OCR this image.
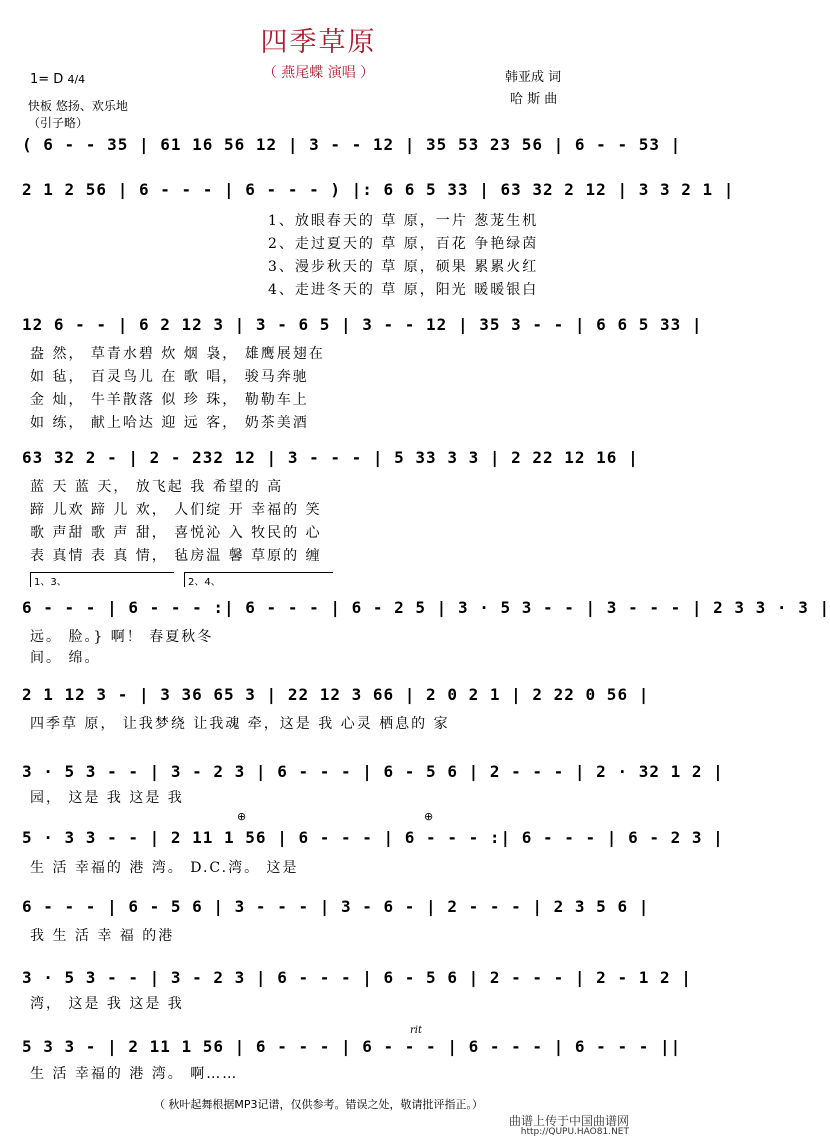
四季草原
（ 燕尾蝶 演唱 ）
1= D 4/4
快板 悠扬、欢乐地
（引子略）
韩亚成 词
哈 斯 曲
( 6 - - 35 | 61 16 56 12 | 3 - - 12 | 35 53 23 56 | 6 - - 53 |
2 1 2 56 | 6 - - - | 6 - - - ) |: 6 6 5 33 | 63 32 2 12 | 3 3 2 1 |
1、放眼春天的 草 原，一片 葱茏生机
2、走过夏天的 草 原，百花 争艳绿茵
3、漫步秋天的 草 原，硕果 累累火红
4、走进冬天的 草 原，阳光 暖暖银白
12 6 - - | 6 2 12 3 | 3 - 6 5 | 3 - - 12 | 35 3 - - | 6 6 5 33 |
盎 然， 草青水碧 炊 烟 袅， 雄鹰展翅在
如 毡， 百灵鸟儿 在 歌 唱， 骏马奔驰
金 灿， 牛羊散落 似 珍 珠， 勒勒车上
如 练， 献上哈达 迎 远 客， 奶茶美酒
63 32 2 - | 2 - 232 12 | 3 - - - | 5 33 3 3 | 2 22 12 16 |
蓝 天 蓝 天， 放飞起 我 希望的 高
蹄 儿欢 蹄 儿 欢， 人们绽 开 幸福的 笑
歌 声甜 歌 声 甜， 喜悦沁 入 牧民的 心
表 真情 表 真 情， 毡房温 馨 草原的 缠
1、3、	2、4、
6 - - - | 6 - - - :| 6 - - - | 6 - 2 5 | 3 · 5 3 - - | 3 - - - | 2 3 3 · 3 |
远。 脸。} 啊！ 春夏秋冬
间。 绵。
2 1 12 3 - | 3 36 65 3 | 22 12 3 66 | 2 0 2 1 | 2 22 0 56 |
四季草 原， 让我梦绕 让我魂 牵，这是 我 心灵 栖息的 家
3 · 5 3 - - | 3 - 2 3 | 6 - - - | 6 - 5 6 | 2 - - - | 2 · 32 1 2 |
园， 这是 我 这是 我
⊕	⊕
5 · 3 3 - - | 2 11 1 56 | 6 - - - | 6 - - - :| 6 - - - | 6 - 2 3 |
生 活 幸福的 港 湾。 D.C.湾。 这是
6 - - - | 6 - 5 6 | 3 - - - | 3 - 6 - | 2 - - - | 2 3 5 6 |
我 生 活 幸 福 的港
3 · 5 3 - - | 3 - 2 3 | 6 - - - | 6 - 5 6 | 2 - - - | 2 - 1 2 |
湾， 这是 我 这是 我
rit
5 3 3 - | 2 11 1 56 | 6 - - - | 6 - - - | 6 - - - | 6 - - - ||
生 活 幸福的 港 湾。 啊……
（ 秋叶起舞根据MP3记谱，仅供参考。错误之处，敬请批评指正。）
曲谱上传于中国曲谱网
http://QUPU.HAO81.NET
